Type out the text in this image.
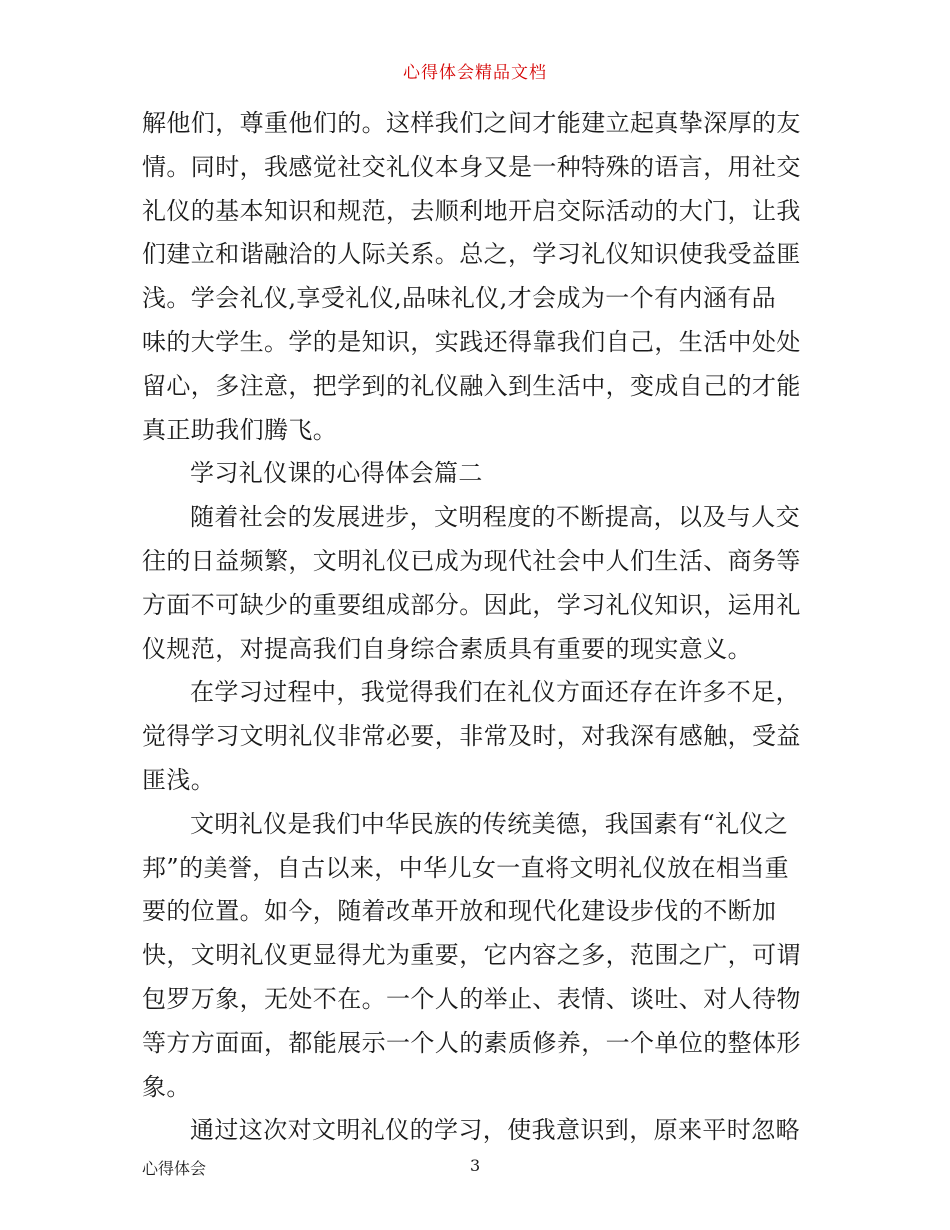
心得体会精品文档
解他们，尊重他们的。这样我们之间才能建立起真挚深厚的友
情。同时，我感觉社交礼仪本身又是一种特殊的语言，用社交
礼仪的基本知识和规范，去顺利地开启交际活动的大门，让我
们建立和谐融洽的人际关系。总之，学习礼仪知识使我受益匪
浅。学会礼仪,享受礼仪,品味礼仪,才会成为一个有内涵有品
味的大学生。学的是知识，实践还得靠我们自己，生活中处处
留心，多注意，把学到的礼仪融入到生活中，变成自己的才能
真正助我们腾飞。
学习礼仪课的心得体会篇二
随着社会的发展进步，文明程度的不断提高，以及与人交
往的日益频繁，文明礼仪已成为现代社会中人们生活、商务等
方面不可缺少的重要组成部分。因此，学习礼仪知识，运用礼
仪规范，对提高我们自身综合素质具有重要的现实意义。
在学习过程中，我觉得我们在礼仪方面还存在许多不足，
觉得学习文明礼仪非常必要，非常及时，对我深有感触，受益
匪浅。
文明礼仪是我们中华民族的传统美德，我国素有“礼仪之
邦”的美誉，自古以来，中华儿女一直将文明礼仪放在相当重
要的位置。如今，随着改革开放和现代化建设步伐的不断加
快，文明礼仪更显得尤为重要，它内容之多，范围之广，可谓
包罗万象，无处不在。一个人的举止、表情、谈吐、对人待物
等方方面面，都能展示一个人的素质修养，一个单位的整体形
象。
通过这次对文明礼仪的学习，使我意识到，原来平时忽略
心得体会	3
